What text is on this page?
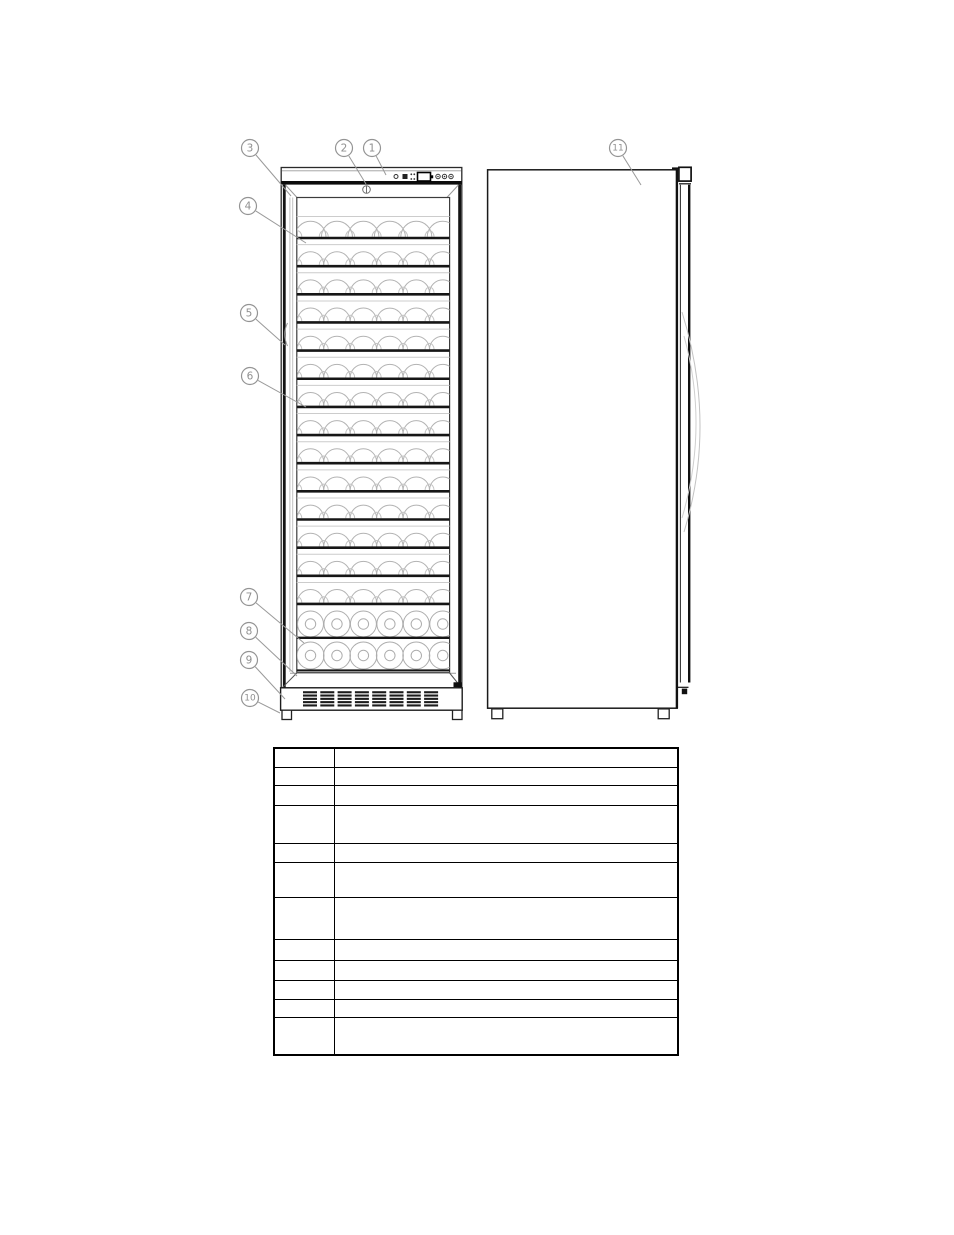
3	2 1
4
5
6
7
8
9
10
11
